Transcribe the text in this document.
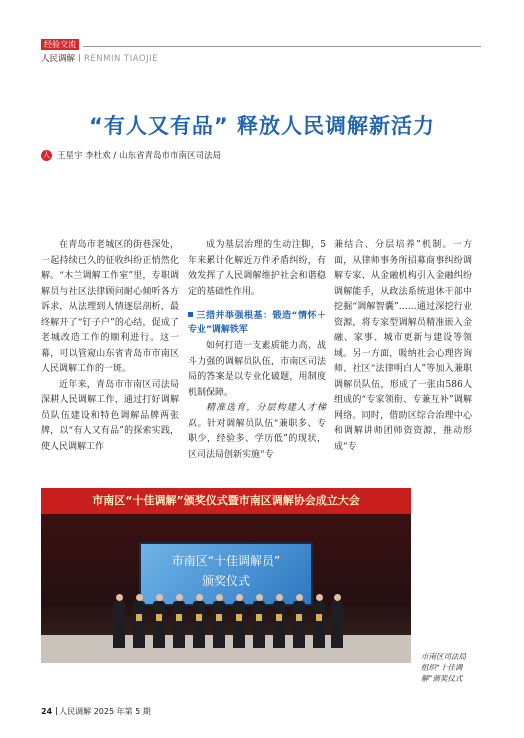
经验交流
人民调解 RENMIN TIAOJIE
“有人又有品” 释放人民调解新活力
人 王星宇 李杜欢 / 山东省青岛市市南区司法局

在青岛市老城区的街巷深处，一起持续已久的征收纠纷正悄然化解。“木兰调解工作室”里，专职调解员与社区法律顾问耐心倾听各方诉求，从法理到人情逐层剖析，最终解开了“钉子户”的心结，促成了老城改造工作的顺利进行。这一幕，可以管窥山东省青岛市市南区人民调解工作的一斑。

近年来，青岛市市南区司法局深耕人民调解工作，通过打好调解员队伍建设和特色调解品牌两张牌，以“有人又有品”的探索实践，使人民调解工作

成为基层治理的生动注脚，5年来累计化解近万件矛盾纠纷，有效发挥了人民调解维护社会和谐稳定的基础性作用。

三措并举强根基：锻造“情怀＋专业”调解铁军

如何打造一支素质能力高、战斗力强的调解员队伍，市南区司法局的答案是以专业化破题，用制度机制保障。

精准选育，分层构建人才梯队。针对调解员队伍“兼职多、专职少，经验多、学历低”的现状，区司法局创新实施“专

兼结合、分层培养”机制。一方面，从律师事务所招募商事纠纷调解专家、从金融机构引入金融纠纷调解能手，从政法系统退休干部中挖掘“调解智囊”……通过深挖行业资源，将专家型调解员精准嵌入金融、家事、城市更新与建设等领域。另一方面，吸纳社会心理咨询师、社区“法律明白人”等加入兼职调解员队伍，形成了一张由586人组成的“专家领衔、专兼互补”调解网络。同时，借助区综合治理中心和调解讲师团师资资源，推动形成“专

市南区“十佳调解”颁奖仪式暨市南区调解协会成立大会
市南区“十佳调解员”
颁奖仪式
市南区司法局组织“十佳调解”颁奖仪式
24 人民调解 2025 年第 5 期
